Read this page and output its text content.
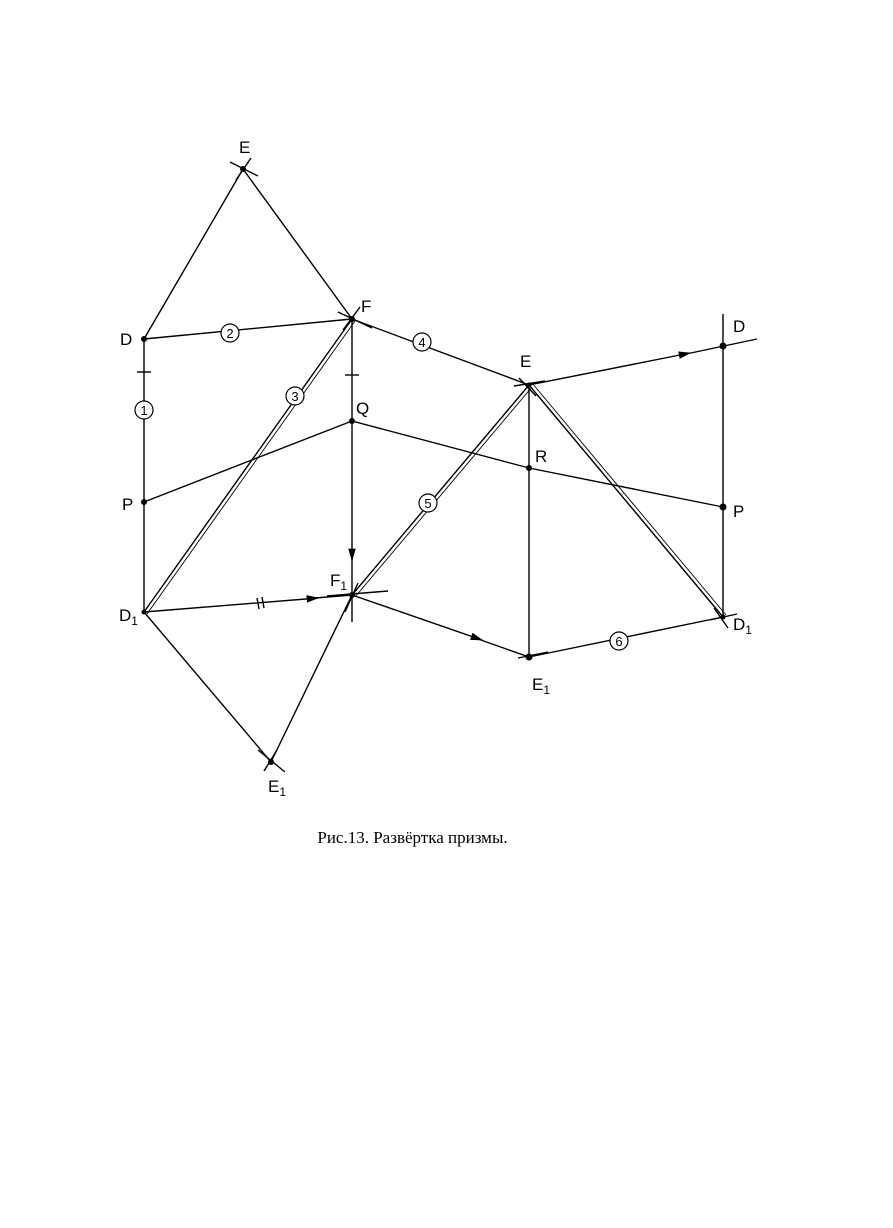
1
2
3
4
5
6
E
D
F
Q
P
$D_1$
$F_1$
$E_1$
E
R
$E_1$
D
P
$D_1$
Рис.13. Развёртка призмы.
